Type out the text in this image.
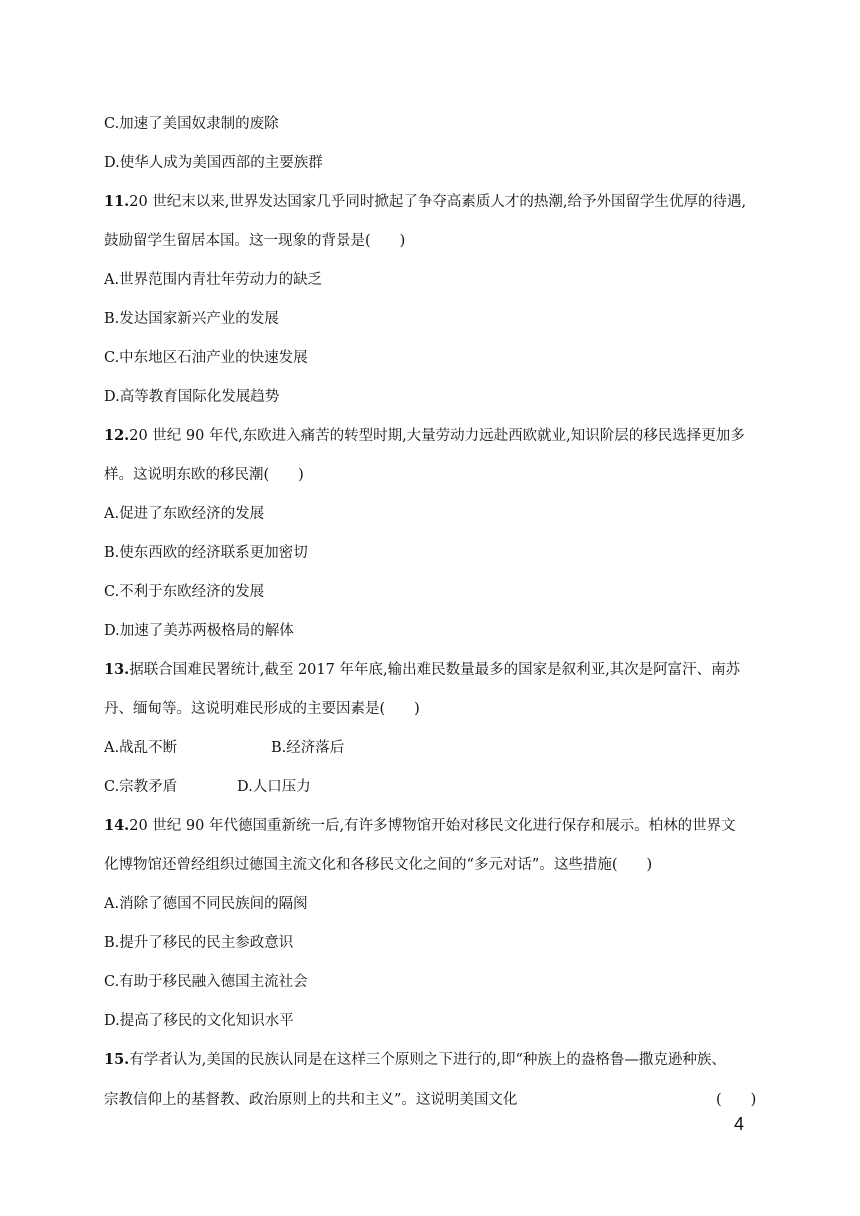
C.加速了美国奴隶制的废除
D.使华人成为美国西部的主要族群
11.20 世纪末以来,世界发达国家几乎同时掀起了争夺高素质人才的热潮,给予外国留学生优厚的待遇,
鼓励留学生留居本国。这一现象的背景是(　　)
A.世界范围内青壮年劳动力的缺乏
B.发达国家新兴产业的发展
C.中东地区石油产业的快速发展
D.高等教育国际化发展趋势
12.20 世纪 90 年代,东欧进入痛苦的转型时期,大量劳动力远赴西欧就业,知识阶层的移民选择更加多
样。这说明东欧的移民潮(　　)
A.促进了东欧经济的发展
B.使东西欧的经济联系更加密切
C.不利于东欧经济的发展
D.加速了美苏两极格局的解体
13.据联合国难民署统计,截至 2017 年年底,输出难民数量最多的国家是叙利亚,其次是阿富汗、南苏
丹、缅甸等。这说明难民形成的主要因素是(　　)
A.战乱不断	B.经济落后
C.宗教矛盾	D.人口压力
14.20 世纪 90 年代德国重新统一后,有许多博物馆开始对移民文化进行保存和展示。柏林的世界文
化博物馆还曾经组织过德国主流文化和各移民文化之间的“多元对话”。这些措施(　　)
A.消除了德国不同民族间的隔阂
B.提升了移民的民主参政意识
C.有助于移民融入德国主流社会
D.提高了移民的文化知识水平
15.有学者认为,美国的民族认同是在这样三个原则之下进行的,即“种族上的盎格鲁—撒克逊种族、
宗教信仰上的基督教、政治原则上的共和主义”。这说明美国文化	(　　)
4
